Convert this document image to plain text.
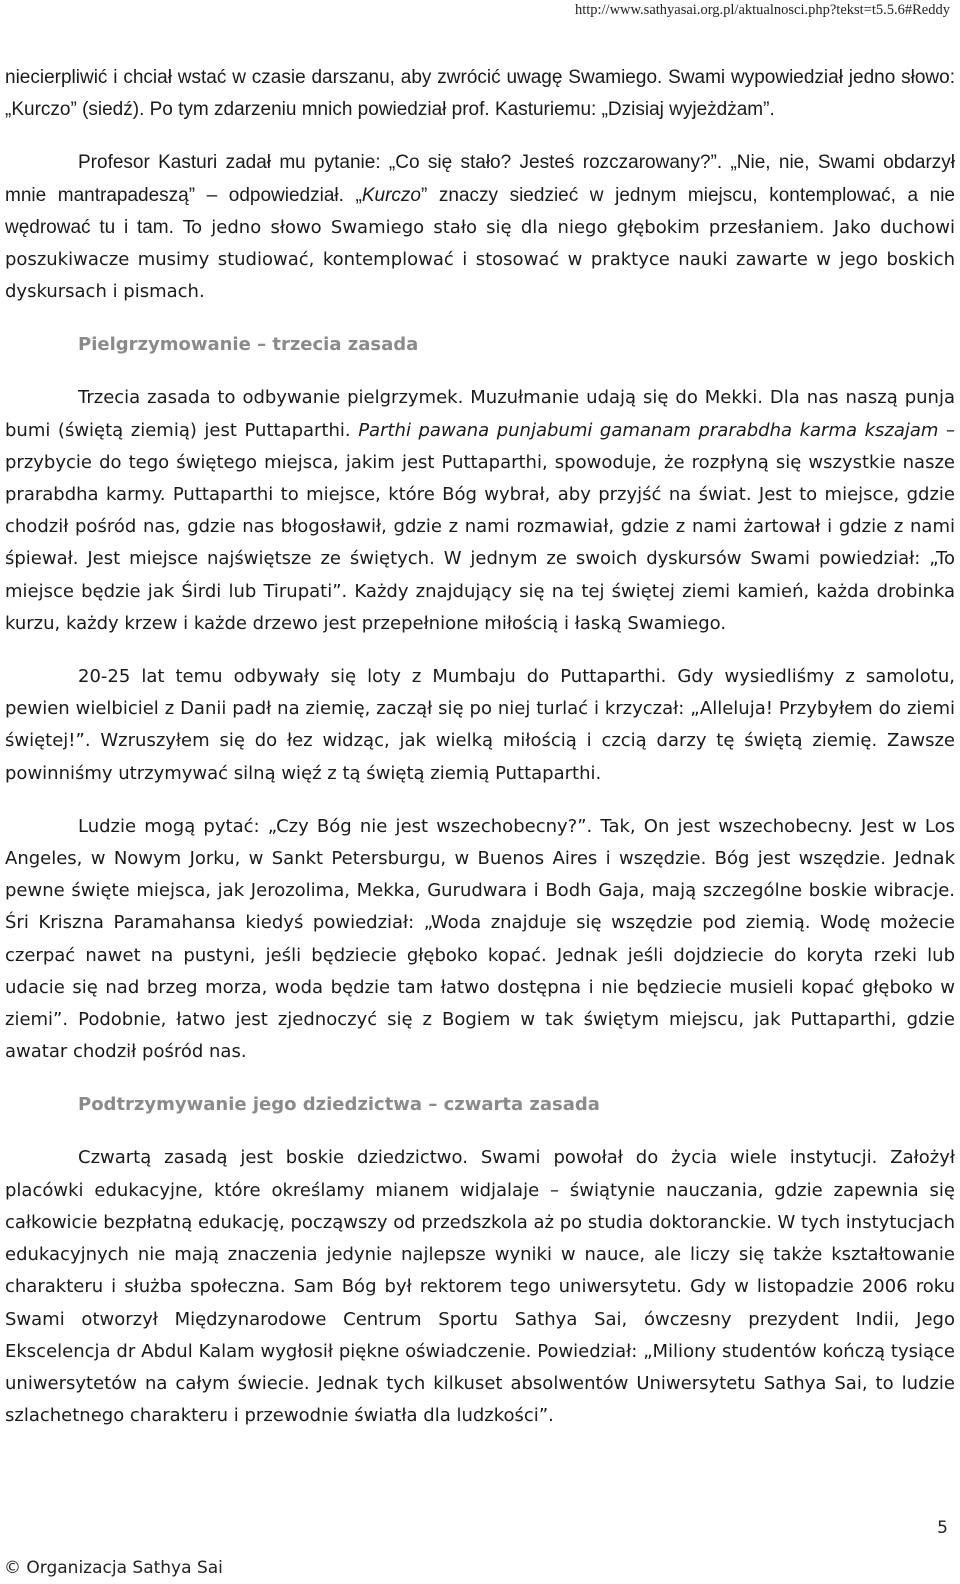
http://www.sathyasai.org.pl/aktualnosci.php?tekst=t5.5.6#Reddy

niecierpliwić i chciał wstać w czasie darszanu, aby zwrócić uwagę Swamiego. Swami wypowiedział jedno słowo: „Kurczo” (siedź). Po tym zdarzeniu mnich powiedział prof. Kasturiemu: „Dzisiaj wyjeżdżam”.

Profesor Kasturi zadał mu pytanie: „Co się stało? Jesteś rozczarowany?”. „Nie, nie, Swami obdarzył mnie mantrapadeszą” – odpowiedział. „Kurczo” znaczy siedzieć w jednym miejscu, kontemplować, a nie wędrować tu i tam. To jedno słowo Swamiego stało się dla niego głębokim przesłaniem. Jako duchowi poszukiwacze musimy studiować, kontemplować i stosować w praktyce nauki zawarte w jego boskich dyskursach i pismach.

Pielgrzymowanie – trzecia zasada

Trzecia zasada to odbywanie pielgrzymek. Muzułmanie udają się do Mekki. Dla nas naszą punja bumi (świętą ziemią) jest Puttaparthi. Parthi pawana punjabumi gamanam prarabdha karma kszajam – przybycie do tego świętego miejsca, jakim jest Puttaparthi, spowoduje, że rozpłyną się wszystkie nasze prarabdha karmy. Puttaparthi to miejsce, które Bóg wybrał, aby przyjść na świat. Jest to miejsce, gdzie chodził pośród nas, gdzie nas błogosławił, gdzie z nami rozmawiał, gdzie z nami żartował i gdzie z nami śpiewał. Jest miejsce najświętsze ze świętych. W jednym ze swoich dyskursów Swami powiedział: „To miejsce będzie jak Śirdi lub Tirupati”. Każdy znajdujący się na tej świętej ziemi kamień, każda drobinka kurzu, każdy krzew i każde drzewo jest przepełnione miłością i łaską Swamiego.

20-25 lat temu odbywały się loty z Mumbaju do Puttaparthi. Gdy wysiedliśmy z samolotu, pewien wielbiciel z Danii padł na ziemię, zaczął się po niej turlać i krzyczał: „Alleluja! Przybyłem do ziemi świętej!”. Wzruszyłem się do łez widząc, jak wielką miłością i czcią darzy tę świętą ziemię. Zawsze powinniśmy utrzymywać silną więź z tą świętą ziemią Puttaparthi.

Ludzie mogą pytać: „Czy Bóg nie jest wszechobecny?”. Tak, On jest wszechobecny. Jest w Los Angeles, w Nowym Jorku, w Sankt Petersburgu, w Buenos Aires i wszędzie. Bóg jest wszędzie. Jednak pewne święte miejsca, jak Jerozolima, Mekka, Gurudwara i Bodh Gaja, mają szczególne boskie wibracje. Śri Kriszna Paramahansa kiedyś powiedział: „Woda znajduje się wszędzie pod ziemią. Wodę możecie czerpać nawet na pustyni, jeśli będziecie głęboko kopać. Jednak jeśli dojdziecie do koryta rzeki lub udacie się nad brzeg morza, woda będzie tam łatwo dostępna i nie będziecie musieli kopać głęboko w ziemi”. Podobnie, łatwo jest zjednoczyć się z Bogiem w tak świętym miejscu, jak Puttaparthi, gdzie awatar chodził pośród nas.

Podtrzymywanie jego dziedzictwa – czwarta zasada

Czwartą zasadą jest boskie dziedzictwo. Swami powołał do życia wiele instytucji. Założył placówki edukacyjne, które określamy mianem widjalaje – świątynie nauczania, gdzie zapewnia się całkowicie bezpłatną edukację, począwszy od przedszkola aż po studia doktoranckie. W tych instytucjach edukacyjnych nie mają znaczenia jedynie najlepsze wyniki w nauce, ale liczy się także kształtowanie charakteru i służba społeczna. Sam Bóg był rektorem tego uniwersytetu. Gdy w listopadzie 2006 roku Swami otworzył Międzynarodowe Centrum Sportu Sathya Sai, ówczesny prezydent Indii, Jego Ekscelencja dr Abdul Kalam wygłosił piękne oświadczenie. Powiedział: „Miliony studentów kończą tysiące uniwersytetów na całym świecie. Jednak tych kilkuset absolwentów Uniwersytetu Sathya Sai, to ludzie szlachetnego charakteru i przewodnie światła dla ludzkości”.

5
© Organizacja Sathya Sai
